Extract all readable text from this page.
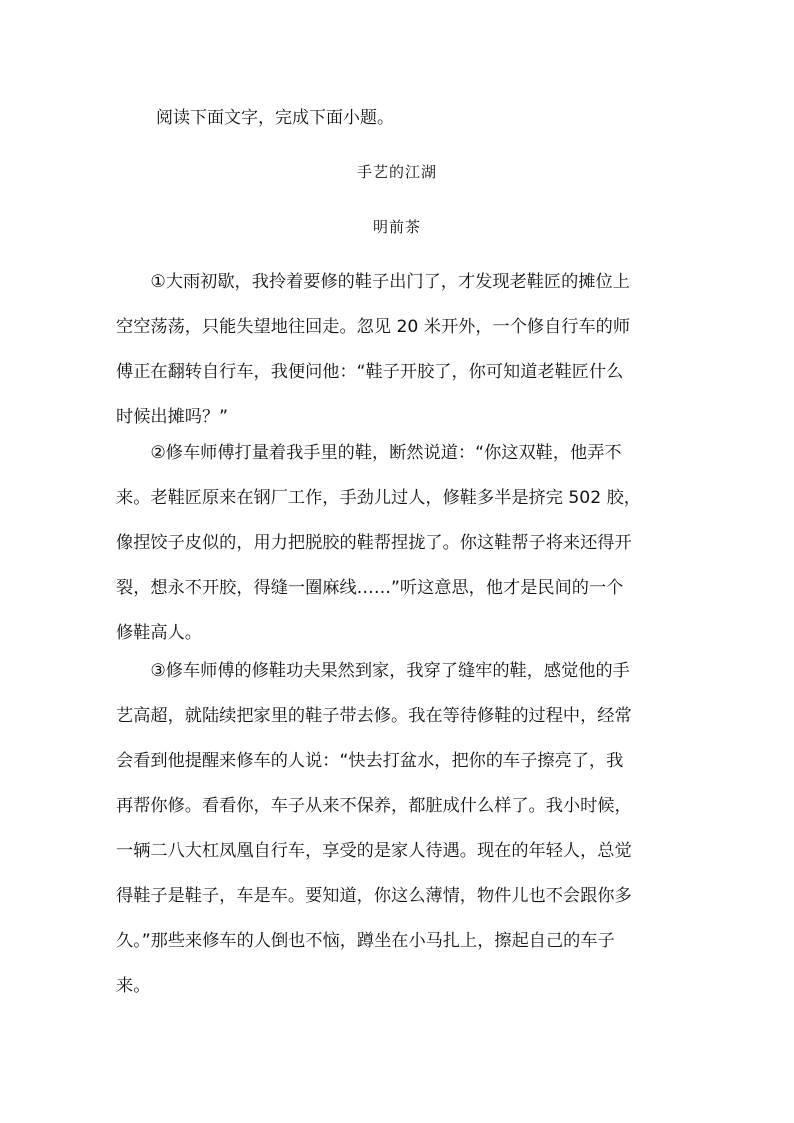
阅读下面文字，完成下面小题。
手艺的江湖
明前茶
　　①大雨初歇，我拎着要修的鞋子出门了，才发现老鞋匠的摊位上
空空荡荡，只能失望地往回走。忽见 20 米开外，一个修自行车的师
傅正在翻转自行车，我便问他：“鞋子开胶了，你可知道老鞋匠什么
时候出摊吗？”
　　②修车师傅打量着我手里的鞋，断然说道：“你这双鞋，他弄不
来。老鞋匠原来在钢厂工作，手劲儿过人，修鞋多半是挤完 502 胶，
像捏饺子皮似的，用力把脱胶的鞋帮捏拢了。你这鞋帮子将来还得开
裂，想永不开胶，得缝一圈麻线……”听这意思，他才是民间的一个
修鞋高人。
　　③修车师傅的修鞋功夫果然到家，我穿了缝牢的鞋，感觉他的手
艺高超，就陆续把家里的鞋子带去修。我在等待修鞋的过程中，经常
会看到他提醒来修车的人说：“快去打盆水，把你的车子擦亮了，我
再帮你修。看看你，车子从来不保养，都脏成什么样了。我小时候，
一辆二八大杠凤凰自行车，享受的是家人待遇。现在的年轻人，总觉
得鞋子是鞋子，车是车。要知道，你这么薄情，物件儿也不会跟你多
久。”那些来修车的人倒也不恼，蹲坐在小马扎上，擦起自己的车子
来。
